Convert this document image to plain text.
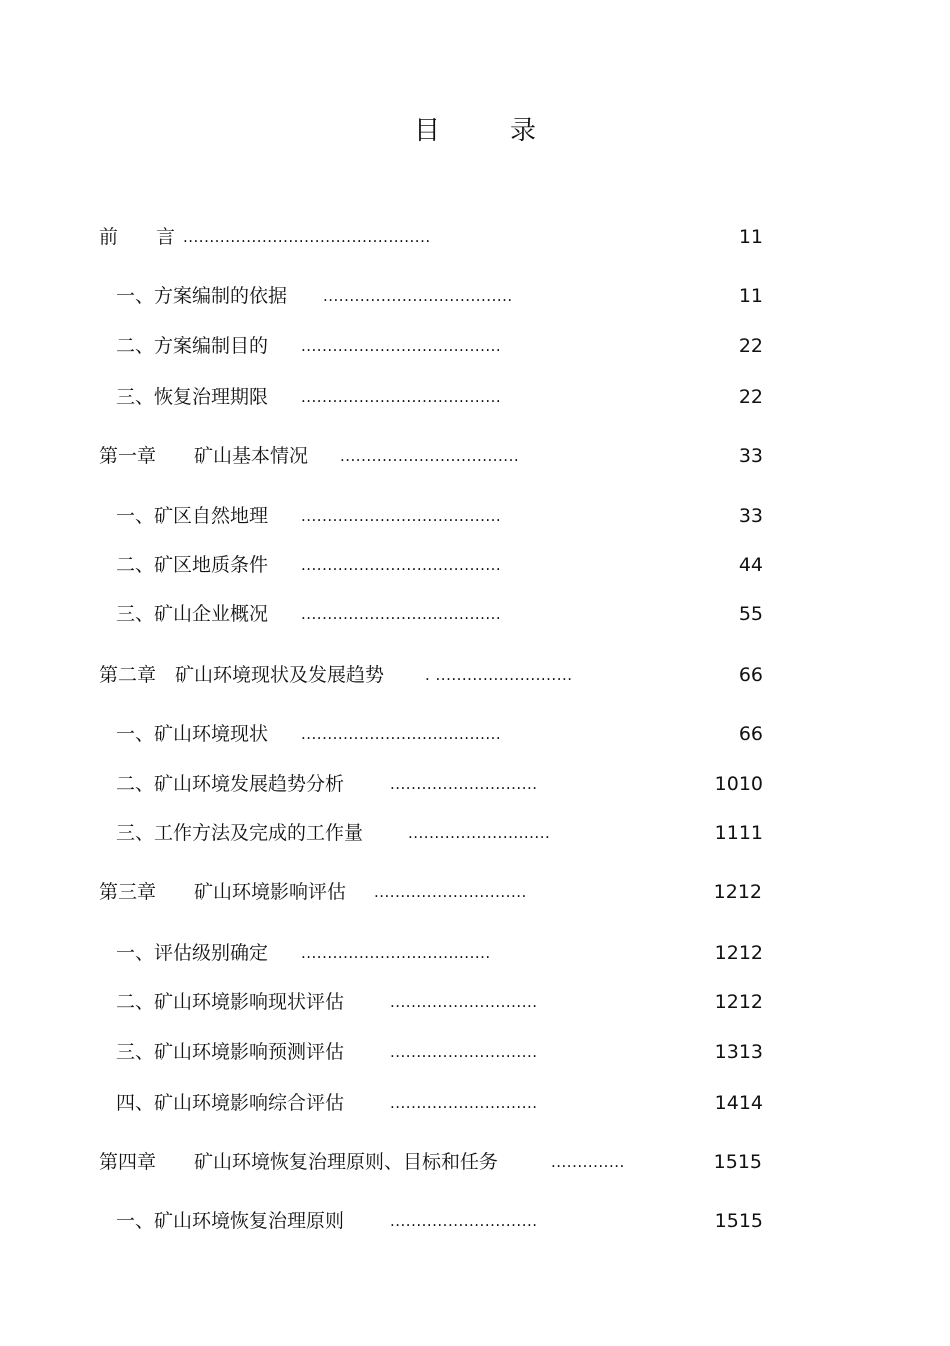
目	录
前　　言 ...............................................	11
一、方案编制的依据 ....................................	11
二、方案编制目的 ......................................	22
三、恢复治理期限 ......................................	22
第一章　　矿山基本情况 ..................................	33
一、矿区自然地理 ......................................	33
二、矿区地质条件 ......................................	44
三、矿山企业概况 ......................................	55
第二章　矿山环境现状及发展趋势	. ..........................	66
一、矿山环境现状 ......................................	66
二、矿山环境发展趋势分析	............................	1010
三、工作方法及完成的工作量	...........................	1111
第三章　　矿山环境影响评估 .............................	1212
一、评估级别确定 ....................................	1212
二、矿山环境影响现状评估	............................	1212
三、矿山环境影响预测评估	............................	1313
四、矿山环境影响综合评估	............................	1414
第四章　　矿山环境恢复治理原则、目标和任务	..............	1515
一、矿山环境恢复治理原则	............................	1515
